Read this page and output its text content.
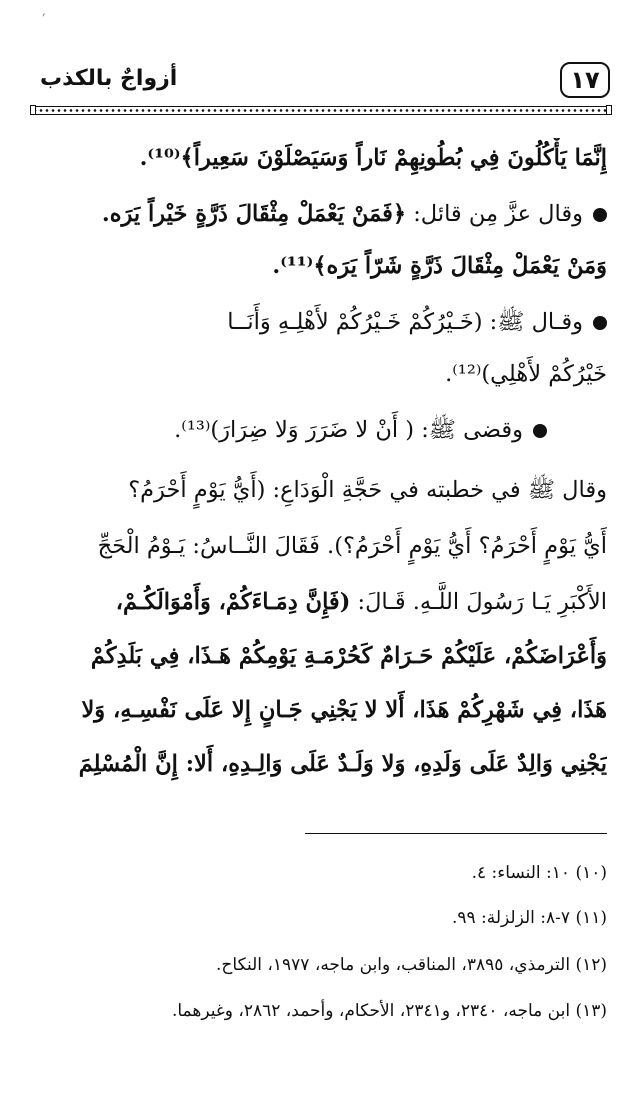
,
١٧
أزواجٌ بالكذب
إِنَّمَا يَأْكُلُونَ فِي بُطُونِهِمْ نَاراً وَسَيَصْلَوْنَ سَعِيراً﴾⁽¹⁰⁾.
وقال عزَّ مِن قائل: ﴿فَمَنْ يَعْمَلْ مِثْقَالَ ذَرَّةٍ خَيْراً يَرَه.
وَمَنْ يَعْمَلْ مِثْقَالَ ذَرَّةٍ شَرّاً يَرَه﴾⁽¹¹⁾.
وقـال ﷺ: (خَـيْرُكُمْ خَـيْرُكُمْ لأَهْلِـهِ وَأَنَــا
خَيْرُكُمْ لأَهْلِي)⁽¹²⁾.
وقضى ﷺ: ( أَنْ لا ضَرَرَ وَلا ضِرَارَ)⁽¹³⁾.
وقال ﷺ في خطبته في حَجَّةِ الْوَدَاعِ: (أَيُّ يَوْمٍ أَحْرَمُ؟
أَيُّ يَوْمٍ أَحْرَمُ؟ أَيُّ يَوْمٍ أَحْرَمُ؟). فَقَالَ النَّــاسُ: يَـوْمُ الْحَجِّ
الأَكْبَرِ يَـا رَسُولَ اللَّـهِ. قَـالَ: (فَإِنَّ دِمَـاءَكُمْ، وَأَمْوَالَكُـمْ،
وَأَعْرَاضَكُمْ، عَلَيْكُمْ حَـرَامٌ كَحُرْمَـةِ يَوْمِكُمْ هَـذَا، فِي بَلَدِكُمْ
هَذَا، فِي شَهْرِكُمْ هَذَا، أَلا لا يَجْنِي جَـانٍ إِلا عَلَى نَفْسِـهِ، وَلا
يَجْنِي وَالِدٌ عَلَى وَلَدِهِ، وَلا وَلَـدٌ عَلَى وَالِـدِهِ، أَلا: إِنَّ الْمُسْلِمَ
(١٠) ١٠: النساء: ٤.
(١١) ٧-٨: الزلزلة: ٩٩.
(١٢) الترمذي، ٣٨٩٥، المناقب، وابن ماجه، ١٩٧٧، النكاح.
(١٣) ابن ماجه، ٢٣٤٠، و٢٣٤١، الأحكام، وأحمد، ٢٨٦٢، وغيرهما.
